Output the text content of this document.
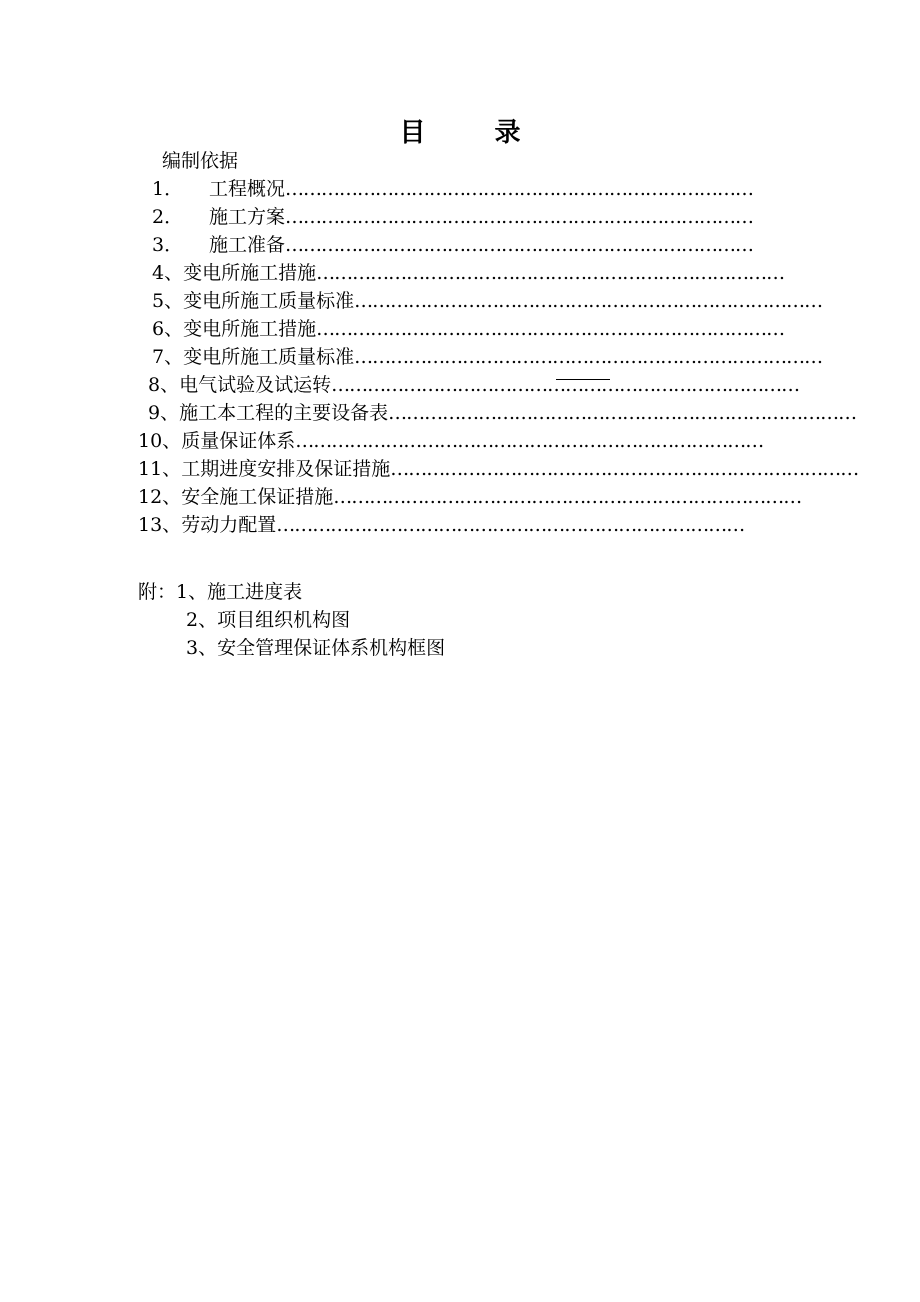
目 录
编制依据
1．	工程概况 ……………………………………………………………………
2．	施工方案 ……………………………………………………………………
3．	施工准备 ……………………………………………………………………
4、 变电所施工措施 ……………………………………………………………………
5、 变电所施工质量标准 ……………………………………………………………………
6、 变电所施工措施 ……………………………………………………………………
7、 变电所施工质量标准 ……………………………………………………………………
8、 电气试验及试运转 ……………………………………………………………………
9、 施工本工程的主要设备表 ……………………………………………………………………
10、 质量保证体系 ……………………………………………………………………
11、 工期进度安排及保证措施 ……………………………………………………………………
12、 安全施工保证措施 ……………………………………………………………………
13、 劳动力配置 ……………………………………………………………………
附： 1、施工进度表
2、项目组织机构图
3、安全管理保证体系机构框图
